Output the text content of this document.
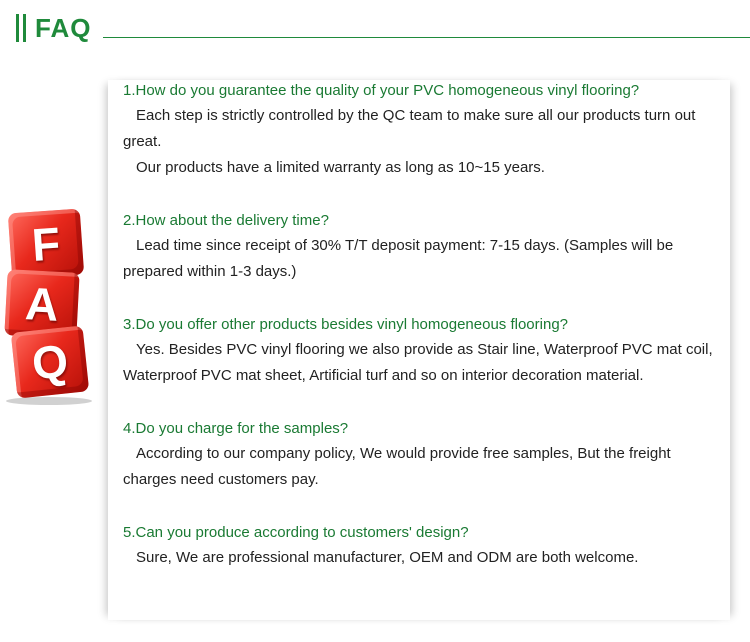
FAQ
F
A
Q
1.How do you guarantee the quality of your PVC homogeneous vinyl flooring?
Each step is strictly controlled by the QC team to make sure all our products turn out great.
Our products have a limited warranty as long as 10~15 years.
2.How about the delivery time?
Lead time since receipt of 30% T/T deposit payment: 7-15 days. (Samples will be prepared within 1-3 days.)
3.Do you offer other products besides vinyl homogeneous flooring?
Yes. Besides PVC vinyl flooring we also provide as Stair line, Waterproof PVC mat coil, Waterproof PVC mat sheet, Artificial turf and so on interior decoration material.
4.Do you charge for the samples?
According to our company policy, We would provide free samples, But the freight charges need customers pay.
5.Can you produce according to customers' design?
Sure, We are professional manufacturer, OEM and ODM are both welcome.
